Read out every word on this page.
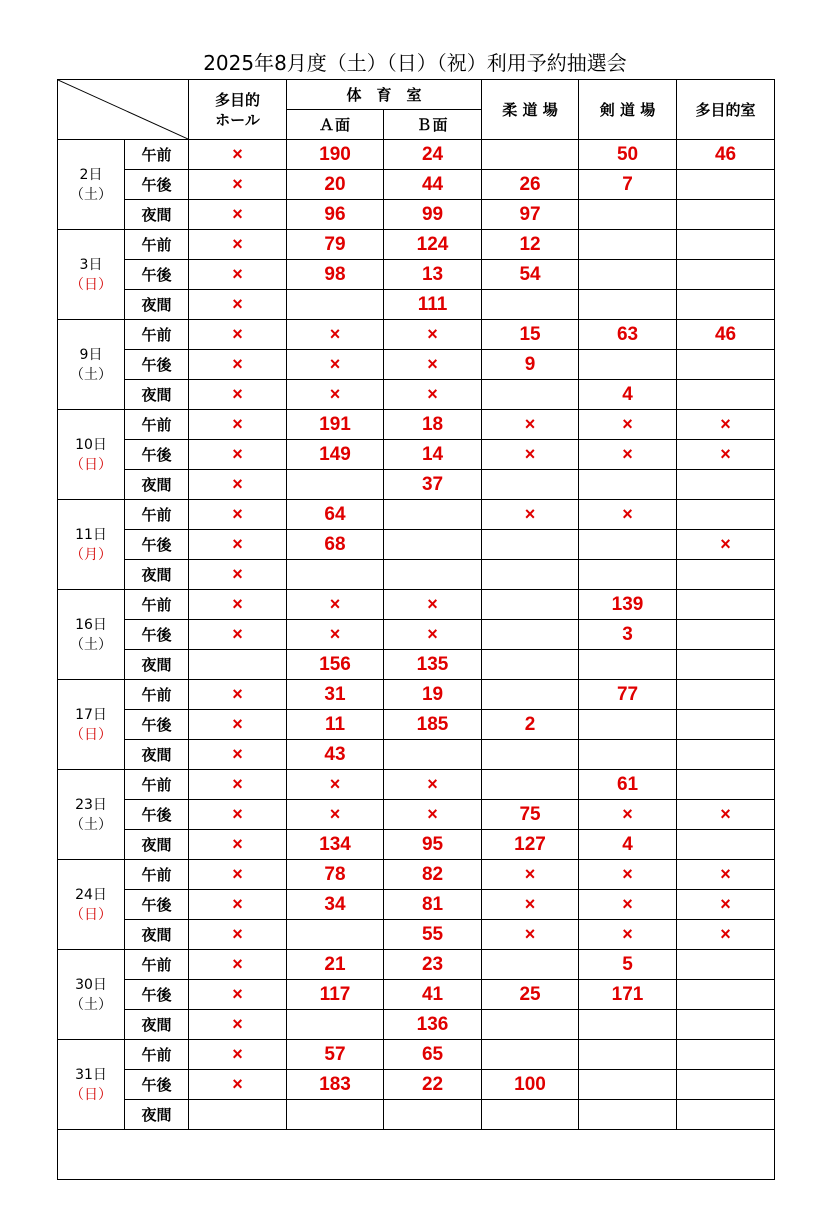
2025年8月度（土）（日）（祝）利用予約抽選会
	多目的
ホール	体　育　室		柔 道 場	剣 道 場	多目的室
			Ａ面	Ｂ面			

2日
（土）	午前	×	190	24		50	46
	午後	×	20	44	26	7	
	夜間	×	96	99	97		

3日
（日）	午前	×	79	124	12		
	午後	×	98	13	54		
	夜間	×		111			

9日
（土）	午前	×	×	×	15	63	46
	午後	×	×	×	9		
	夜間	×	×	×		4	

10日
（日）	午前	×	191	18	×	×	×
	午後	×	149	14	×	×	×
	夜間	×		37			

11日
（月）	午前	×	64		×	×	
	午後	×	68				×
	夜間	×					

16日
（土）	午前	×	×	×		139	
	午後	×	×	×		3	
	夜間		156	135			

17日
（日）	午前	×	31	19		77	
	午後	×	11	185	2		
	夜間	×	43				

23日
（土）	午前	×	×	×		61	
	午後	×	×	×	75	×	×
	夜間	×	134	95	127	4	

24日
（日）	午前	×	78	82	×	×	×
	午後	×	34	81	×	×	×
	夜間	×		55	×	×	×

30日
（土）	午前	×	21	23		5	
	午後	×	117	41	25	171	
	夜間	×		136			

31日
（日）	午前	×	57	65			
	午後	×	183	22	100		
	夜間						
